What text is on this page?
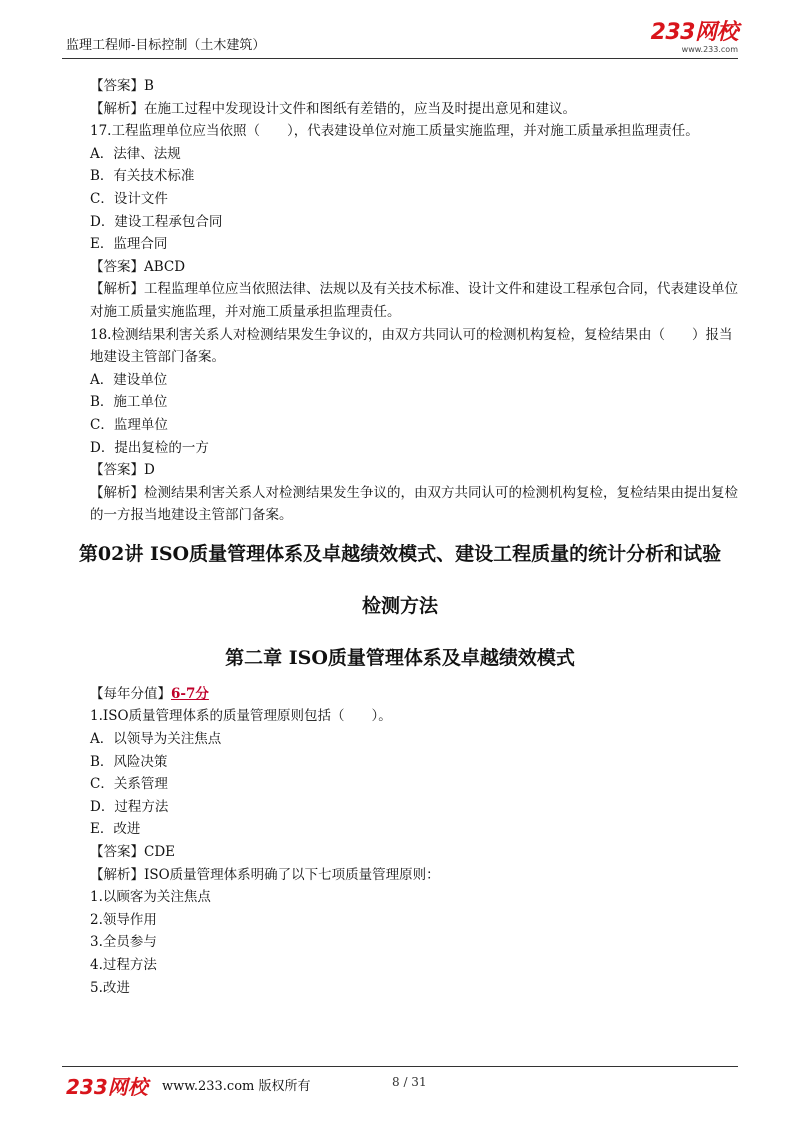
监理工程师-目标控制（土木建筑）
233网校
www.233.com
【答案】B
【解析】在施工过程中发现设计文件和图纸有差错的，应当及时提出意见和建议。
17.工程监理单位应当依照（　　），代表建设单位对施工质量实施监理，并对施工质量承担监理责任。
A．法律、法规
B．有关技术标准
C．设计文件
D．建设工程承包合同
E．监理合同
【答案】ABCD
【解析】工程监理单位应当依照法律、法规以及有关技术标准、设计文件和建设工程承包合同，代表建设单位对施工质量实施监理，并对施工质量承担监理责任。
18.检测结果利害关系人对检测结果发生争议的，由双方共同认可的检测机构复检，复检结果由（　　）报当地建设主管部门备案。
A．建设单位
B．施工单位
C．监理单位
D．提出复检的一方
【答案】D
【解析】检测结果利害关系人对检测结果发生争议的，由双方共同认可的检测机构复检，复检结果由提出复检的一方报当地建设主管部门备案。
第02讲 ISO质量管理体系及卓越绩效模式、建设工程质量的统计分析和试验
检测方法
第二章 ISO质量管理体系及卓越绩效模式
【每年分值】6-7分
1.ISO质量管理体系的质量管理原则包括（　　）。
A．以领导为关注焦点
B．风险决策
C．关系管理
D．过程方法
E．改进
【答案】CDE
【解析】ISO质量管理体系明确了以下七项质量管理原则：
1.以顾客为关注焦点
2.领导作用
3.全员参与
4.过程方法
5.改进
233网校 www.233.com 版权所有	8 / 31
